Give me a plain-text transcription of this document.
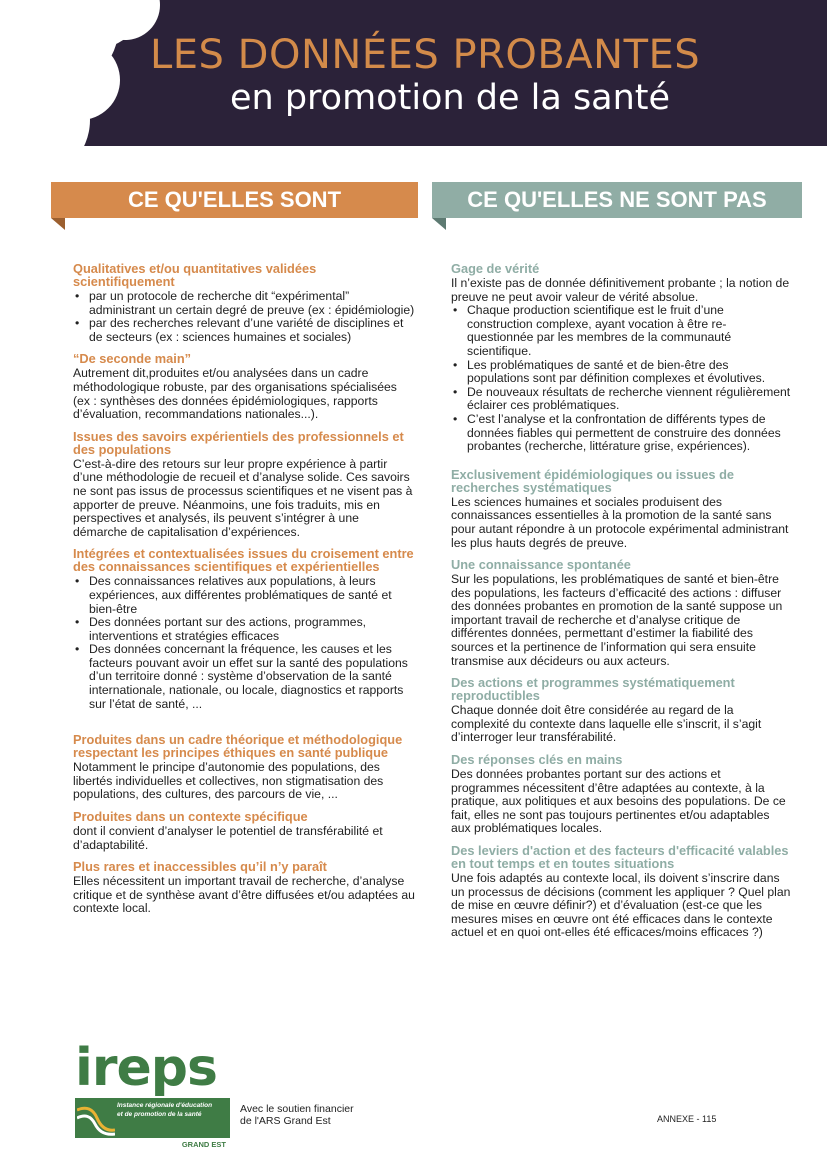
LES DONNÉES PROBANTES
en promotion de la santé
CE QU'ELLES SONT	CE QU'ELLES NE SONT PAS
Qualitatives et/ou quantitatives validées scientifiquement
• par un protocole de recherche dit “expérimental” administrant un certain degré de preuve (ex : épidémiologie)
• par des recherches relevant d’une variété de disciplines et de secteurs (ex : sciences humaines et sociales)
“De seconde main”
Autrement dit,produites et/ou analysées dans un cadre méthodologique robuste, par des organisations spécialisées (ex : synthèses des données épidémiologiques, rapports d’évaluation, recommandations nationales...).
Issues des savoirs expérientiels des professionnels et des populations
C’est-à-dire des retours sur leur propre expérience à partir d’une méthodologie de recueil et d’analyse solide. Ces savoirs ne sont pas issus de processus scientifiques et ne visent pas à apporter de preuve. Néanmoins, une fois traduits, mis en perspectives et analysés, ils peuvent s’intégrer à une démarche de capitalisation d’expériences.
Intégrées et contextualisées issues du croisement entre des connaissances scientifiques et expérientielles
• Des connaissances relatives aux populations, à leurs expériences, aux différentes problématiques de santé et bien-être
• Des données portant sur des actions, programmes, interventions et stratégies efficaces
• Des données concernant la fréquence, les causes et les facteurs pouvant avoir un effet sur la santé des populations d’un territoire donné : système d’observation de la santé internationale, nationale, ou locale, diagnostics et rapports sur l’état de santé, ...
Produites dans un cadre théorique et méthodologique respectant les principes éthiques en santé publique
Notamment le principe d’autonomie des populations, des libertés individuelles et collectives, non stigmatisation des populations, des cultures, des parcours de vie, ...
Produites dans un contexte spécifique
dont il convient d’analyser le potentiel de transférabilité et d’adaptabilité.
Plus rares et inaccessibles qu’il n’y paraît
Elles nécessitent un important travail de recherche, d’analyse critique et de synthèse avant d’être diffusées et/ou adaptées au contexte local.
Gage de vérité
Il n’existe pas de donnée définitivement probante ; la notion de preuve ne peut avoir valeur de vérité absolue.
• Chaque production scientifique est le fruit d’une construction complexe, ayant vocation à être re-questionnée par les membres de la communauté scientifique.
• Les problématiques de santé et de bien-être des populations sont par définition complexes et évolutives.
• De nouveaux résultats de recherche viennent régulièrement éclairer ces problématiques.
• C’est l’analyse et la confrontation de différents types de données fiables qui permettent de construire des données probantes (recherche, littérature grise, expériences).
Exclusivement épidémiologiques ou issues de recherches systématiques
Les sciences humaines et sociales produisent des connaissances essentielles à la promotion de la santé sans pour autant répondre à un protocole expérimental administrant les plus hauts degrés de preuve.
Une connaissance spontanée
Sur les populations, les problématiques de santé et bien-être des populations, les facteurs d’efficacité des actions : diffuser des données probantes en promotion de la santé suppose un important travail de recherche et d’analyse critique de différentes données, permettant d’estimer la fiabilité des sources et la pertinence de l’information qui sera ensuite transmise aux décideurs ou aux acteurs.
Des actions et programmes systématiquement reproductibles
Chaque donnée doit être considérée au regard de la complexité du contexte dans laquelle elle s’inscrit, il s’agit d’interroger leur transférabilité.
Des réponses clés en mains
Des données probantes portant sur des actions et programmes nécessitent d’être adaptées au contexte, à la pratique, aux politiques et aux besoins des populations. De ce fait, elles ne sont pas toujours pertinentes et/ou adaptables aux problématiques locales.
Des leviers d'action et des facteurs d'efficacité valables en tout temps et en toutes situations
Une fois adaptés au contexte local, ils doivent s’inscrire dans un processus de décisions (comment les appliquer ? Quel plan de mise en œuvre définir?) et d’évaluation (est-ce que les mesures mises en œuvre ont été efficaces dans le contexte actuel et en quoi ont-elles été efficaces/moins efficaces ?)
ireps
Instance régionale d'éducation
et de promotion de la santé
GRAND EST
Avec le soutien financier
de l'ARS Grand Est	ANNEXE - 115
